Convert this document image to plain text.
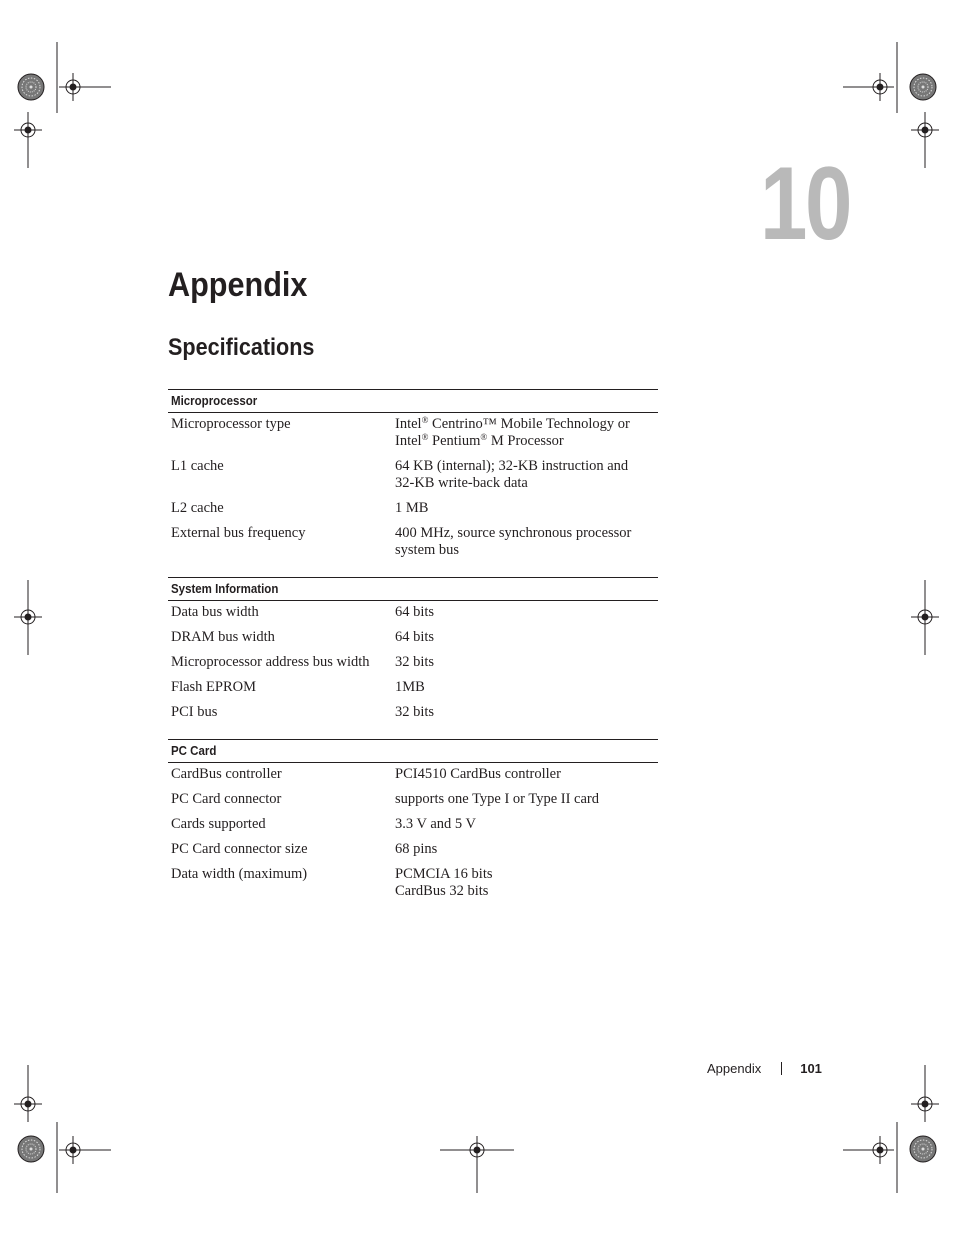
10
Appendix
Specifications
Microprocessor
Microprocessor type	Intel® Centrino™ Mobile Technology or
Intel® Pentium® M Processor
L1 cache	64 KB (internal); 32-KB instruction and
32-KB write-back data
L2 cache	1 MB
External bus frequency	400 MHz, source synchronous processor
system bus
System Information
Data bus width	64 bits
DRAM bus width	64 bits
Microprocessor address bus width	32 bits
Flash EPROM	1MB
PCI bus	32 bits
PC Card
CardBus controller	PCI4510 CardBus controller
PC Card connector	supports one Type I or Type II card
Cards supported	3.3 V and 5 V
PC Card connector size	68 pins
Data width (maximum)	PCMCIA 16 bits
CardBus 32 bits
Appendix	101
